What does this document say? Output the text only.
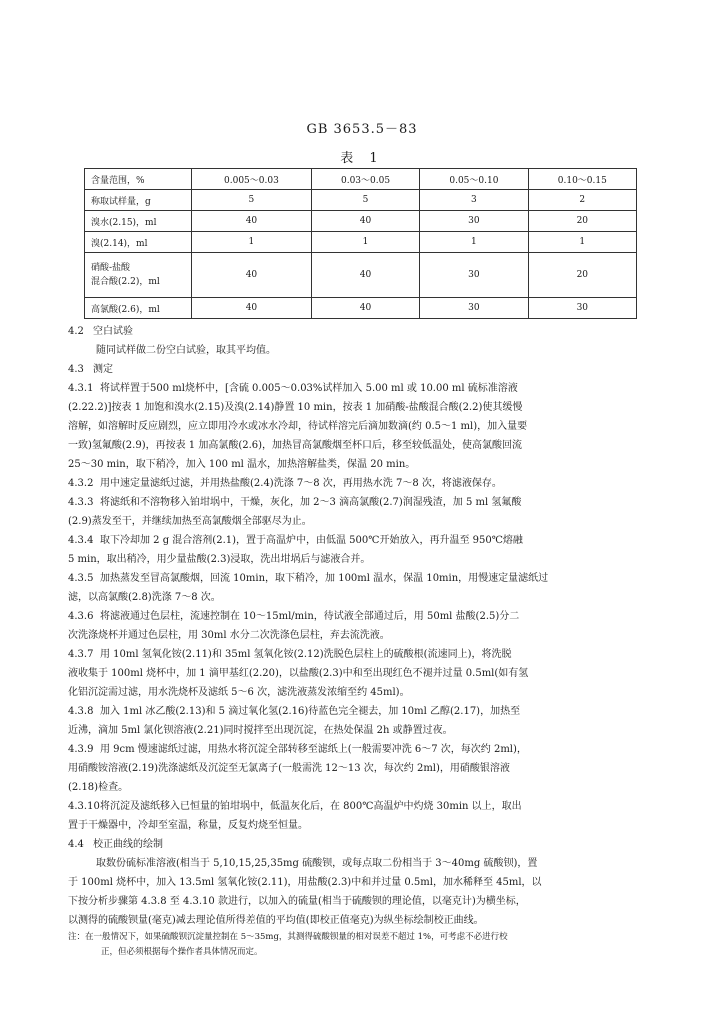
GB 3653.5－83
表 1
含量范围，%	0.005～0.03	0.03～0.05	0.05～0.10	0.10～0.15
称取试样量，g	5	5	3	2
溴水(2.15)，ml	40	40	30	20
溴(2.14)，ml	1	1	1	1

硝酸-盐酸
混合酸(2.2)，ml	40	40	30	20
高氯酸(2.6)，ml	40	40	30	30
4.2 空白试验
随同试样做二份空白试验，取其平均值。
4.3 测定
4.3.1 将试样置于500 ml烧杯中，[含硫 0.005～0.03%试样加入 5.00 ml 或 10.00 ml 硫标准溶液
(2.22.2)]按表 1 加饱和溴水(2.15)及溴(2.14)静置 10 min，按表 1 加硝酸-盐酸混合酸(2.2)使其缓慢
溶解，如溶解时反应剧烈，应立即用冷水或冰水冷却，待试样溶完后滴加数滴(约 0.5～1 ml)，加入量要
一致)氢氟酸(2.9)，再按表 1 加高氯酸(2.6)，加热冒高氯酸烟至杯口后，移至较低温处，使高氯酸回流
25～30 min，取下稍冷，加入 100 ml 温水，加热溶解盐类，保温 20 min。
4.3.2 用中速定量滤纸过滤，并用热盐酸(2.4)洗涤 7～8 次，再用热水洗 7～8 次，将滤液保存。
4.3.3 将滤纸和不溶物移入铂坩埚中，干燥，灰化，加 2～3 滴高氯酸(2.7)润湿残渣，加 5 ml 氢氟酸
(2.9)蒸发至干，并继续加热至高氯酸烟全部驱尽为止。
4.3.4 取下冷却加 2 g 混合溶剂(2.1)，置于高温炉中，由低温 500℃开始放入，再升温至 950℃熔融
5 min，取出稍冷，用少量盐酸(2.3)浸取，洗出坩埚后与滤液合并。
4.3.5 加热蒸发至冒高氯酸烟，回流 10min，取下稍冷，加 100ml 温水，保温 10min，用慢速定量滤纸过
滤，以高氯酸(2.8)洗涤 7～8 次。
4.3.6 将滤液通过色层柱，流速控制在 10～15ml/min，待试液全部通过后，用 50ml 盐酸(2.5)分二
次洗涤烧杯并通过色层柱，用 30ml 水分二次洗涤色层柱，弃去流洗液。
4.3.7 用 10ml 氢氧化铵(2.11)和 35ml 氢氧化铵(2.12)洗脱色层柱上的硫酸根(流速同上)，将洗脱
液收集于 100ml 烧杯中，加 1 滴甲基红(2.20)，以盐酸(2.3)中和至出现红色不褪并过量 0.5ml(如有氢
化铝沉淀需过滤，用水洗烧杯及滤纸 5～6 次，滤洗液蒸发浓缩至约 45ml)。
4.3.8 加入 1ml 冰乙酸(2.13)和 5 滴过氧化氢(2.16)待蓝色完全褪去，加 10ml 乙醇(2.17)，加热至
近沸，滴加 5ml 氯化钡溶液(2.21)同时搅拌至出现沉淀，在热处保温 2h 或静置过夜。
4.3.9 用 9cm 慢速滤纸过滤，用热水将沉淀全部转移至滤纸上(一般需要冲洗 6～7 次，每次约 2ml)，
用硝酸铵溶液(2.19)洗涤滤纸及沉淀至无氯离子(一般需洗 12～13 次，每次约 2ml)，用硝酸银溶液
(2.18)检查。
4.3.10 将沉淀及滤纸移入已恒量的铂坩埚中，低温灰化后，在 800℃高温炉中灼烧 30min 以上，取出
置于干燥器中，冷却至室温，称量，反复灼烧至恒量。
4.4 校正曲线的绘制
取数份硫标准溶液(相当于 5,10,15,25,35mg 硫酸钡，或每点取二份相当于 3～40mg 硫酸钡)，置
于 100ml 烧杯中，加入 13.5ml 氢氧化铵(2.11)，用盐酸(2.3)中和并过量 0.5ml，加水稀释至 45ml，以
下按分析步骤第 4.3.8 至 4.3.10 款进行，以加入的硫量(相当于硫酸钡的理论值，以毫克计)为横坐标，
以测得的硫酸钡量(毫克)减去理论值所得差值的平均值(即校正值毫克)为纵坐标绘制校正曲线。
注：在一般情况下，如果硫酸钡沉淀量控制在 5～35mg，其测得硫酸钡量的相对误差不超过 1%，可考虑不必进行校
正，但必须根据每个操作者具体情况而定。
